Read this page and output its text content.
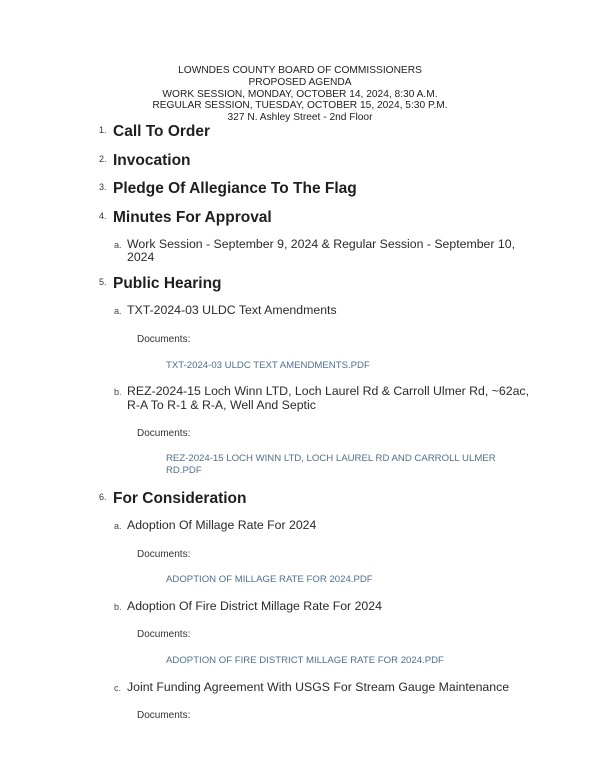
LOWNDES COUNTY BOARD OF COMMISSIONERS
PROPOSED AGENDA
WORK SESSION, MONDAY, OCTOBER 14, 2024, 8:30 A.M.
REGULAR SESSION, TUESDAY, OCTOBER 15, 2024, 5:30 P.M.
327 N. Ashley Street - 2nd Floor
1. Call To Order
2. Invocation
3. Pledge Of Allegiance To The Flag
4. Minutes For Approval
a. Work Session - September 9, 2024 & Regular Session - September 10,
2024
5. Public Hearing
a. TXT-2024-03 ULDC Text Amendments
Documents:
TXT-2024-03 ULDC TEXT AMENDMENTS.PDF
b. REZ-2024-15 Loch Winn LTD, Loch Laurel Rd & Carroll Ulmer Rd, ~62ac,
R-A To R-1 & R-A, Well And Septic
Documents:
REZ-2024-15 LOCH WINN LTD, LOCH LAUREL RD AND CARROLL ULMER
RD.PDF
6. For Consideration
a. Adoption Of Millage Rate For 2024
Documents:
ADOPTION OF MILLAGE RATE FOR 2024.PDF
b. Adoption Of Fire District Millage Rate For 2024
Documents:
ADOPTION OF FIRE DISTRICT MILLAGE RATE FOR 2024.PDF
c. Joint Funding Agreement With USGS For Stream Gauge Maintenance
Documents:
